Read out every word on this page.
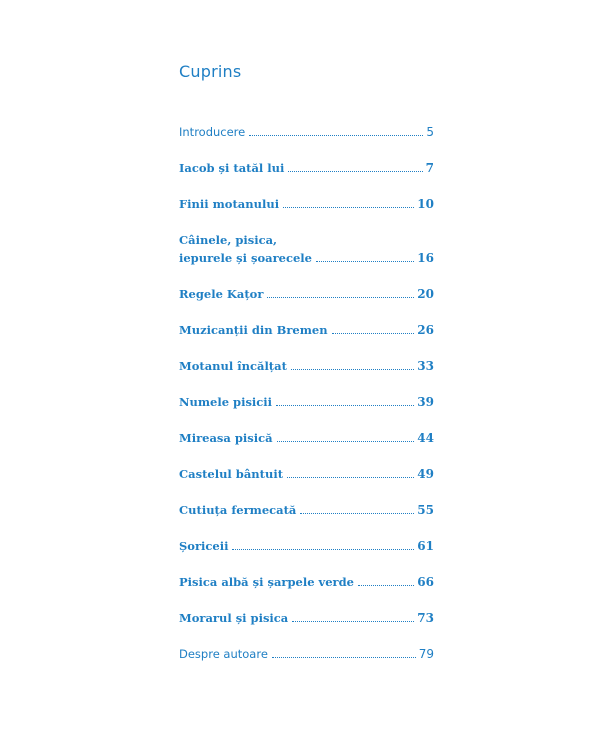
Cuprins
Introducere	5
Iacob și tatăl lui	7
Finii motanului	10
Câinele, pisica,
iepurele și șoarecele	16
Regele Kațor	20
Muzicanții din Bremen	26
Motanul încălțat	33
Numele pisicii	39
Mireasa pisică	44
Castelul bântuit	49
Cutiuța fermecată	55
Șoriceii	61
Pisica albă și șarpele verde	66
Morarul și pisica	73
Despre autoare	79
